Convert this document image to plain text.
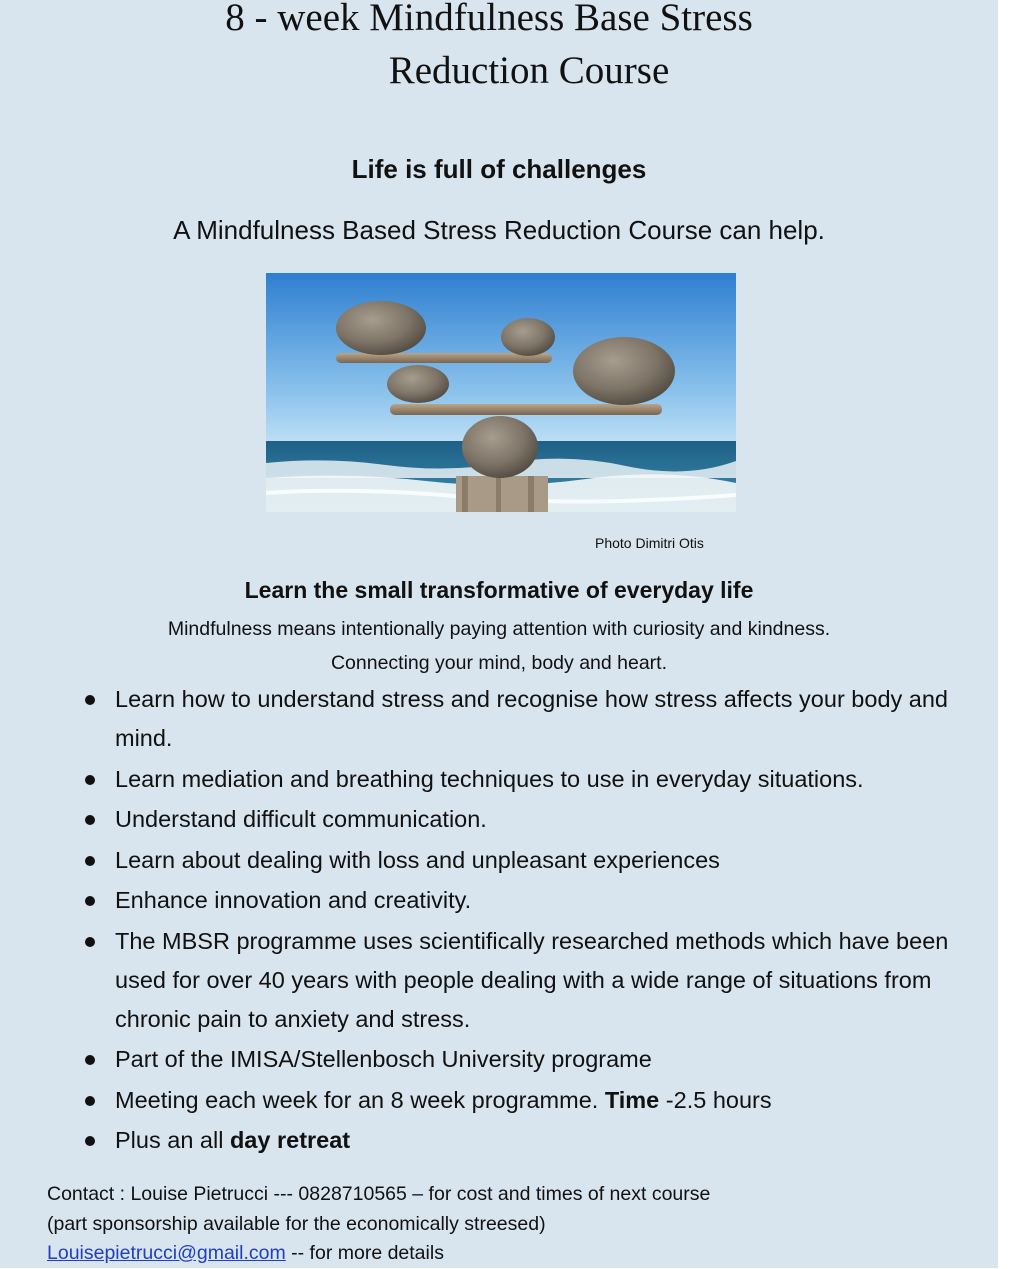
8 - week Mindfulness Base Stress
Reduction Course
Life is full of challenges
A Mindfulness Based Stress Reduction Course can help.
Photo Dimitri Otis
Learn the small transformative of everyday life
Mindfulness means intentionally paying attention with curiosity and kindness.
Connecting your mind, body and heart.
Learn how to understand stress and recognise how stress affects your body and mind.
Learn mediation and breathing techniques to use in everyday situations.
Understand difficult communication.
Learn about dealing with loss and unpleasant experiences
Enhance innovation and creativity.
The MBSR programme uses scientifically researched methods which have been used for over 40 years with people dealing with a wide range of situations from chronic pain to anxiety and stress.
Part of the IMISA/Stellenbosch University programe
Meeting each week for an 8 week programme. Time -2.5 hours
Plus an all day retreat
Contact : Louise Pietrucci --- 0828710565 – for cost and times of next course
(part sponsorship available for the economically streesed)
Louisepietrucci@gmail.com -- for more details
